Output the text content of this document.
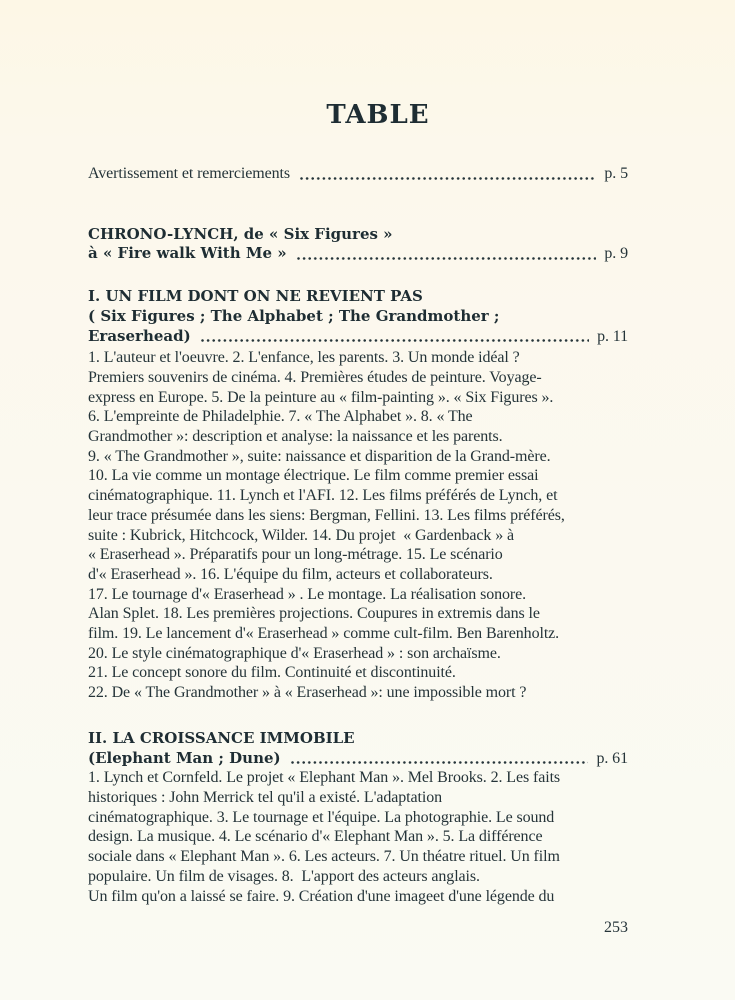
TABLE
Avertissement et remerciements	p. 5
CHRONO-LYNCH, de « Six Figures »
à « Fire walk With Me »	p. 9
I. UN FILM DONT ON NE REVIENT PAS
( Six Figures ; The Alphabet ; The Grandmother ;
Eraserhead)	p. 11
1. L'auteur et l'oeuvre. 2. L'enfance, les parents. 3. Un monde idéal ?
Premiers souvenirs de cinéma. 4. Premières études de peinture. Voyage-
express en Europe. 5. De la peinture au « film-painting ». « Six Figures ».
6. L'empreinte de Philadelphie. 7. « The Alphabet ». 8. « The
Grandmother »: description et analyse: la naissance et les parents.
9. « The Grandmother », suite: naissance et disparition de la Grand-mère.
10. La vie comme un montage électrique. Le film comme premier essai
cinématographique. 11. Lynch et l'AFI. 12. Les films préférés de Lynch, et
leur trace présumée dans les siens: Bergman, Fellini. 13. Les films préférés,
suite : Kubrick, Hitchcock, Wilder. 14. Du projet  « Gardenback » à
« Eraserhead ». Préparatifs pour un long-métrage. 15. Le scénario
d'« Eraserhead ». 16. L'équipe du film, acteurs et collaborateurs.
17. Le tournage d'« Eraserhead » . Le montage. La réalisation sonore.
Alan Splet. 18. Les premières projections. Coupures in extremis dans le
film. 19. Le lancement d'« Eraserhead » comme cult-film. Ben Barenholtz.
20. Le style cinématographique d'« Eraserhead » : son archaïsme.
21. Le concept sonore du film. Continuité et discontinuité.
22. De « The Grandmother » à « Eraserhead »: une impossible mort ?
II. LA CROISSANCE IMMOBILE
(Elephant Man ; Dune)	p. 61
1. Lynch et Cornfeld. Le projet « Elephant Man ». Mel Brooks. 2. Les faits
historiques : John Merrick tel qu'il a existé. L'adaptation
cinématographique. 3. Le tournage et l'équipe. La photographie. Le sound
design. La musique. 4. Le scénario d'« Elephant Man ». 5. La différence
sociale dans « Elephant Man ». 6. Les acteurs. 7. Un théatre rituel. Un film
populaire. Un film de visages. 8.  L'apport des acteurs anglais.
Un film qu'on a laissé se faire. 9. Création d'une imageet d'une légende du
253
